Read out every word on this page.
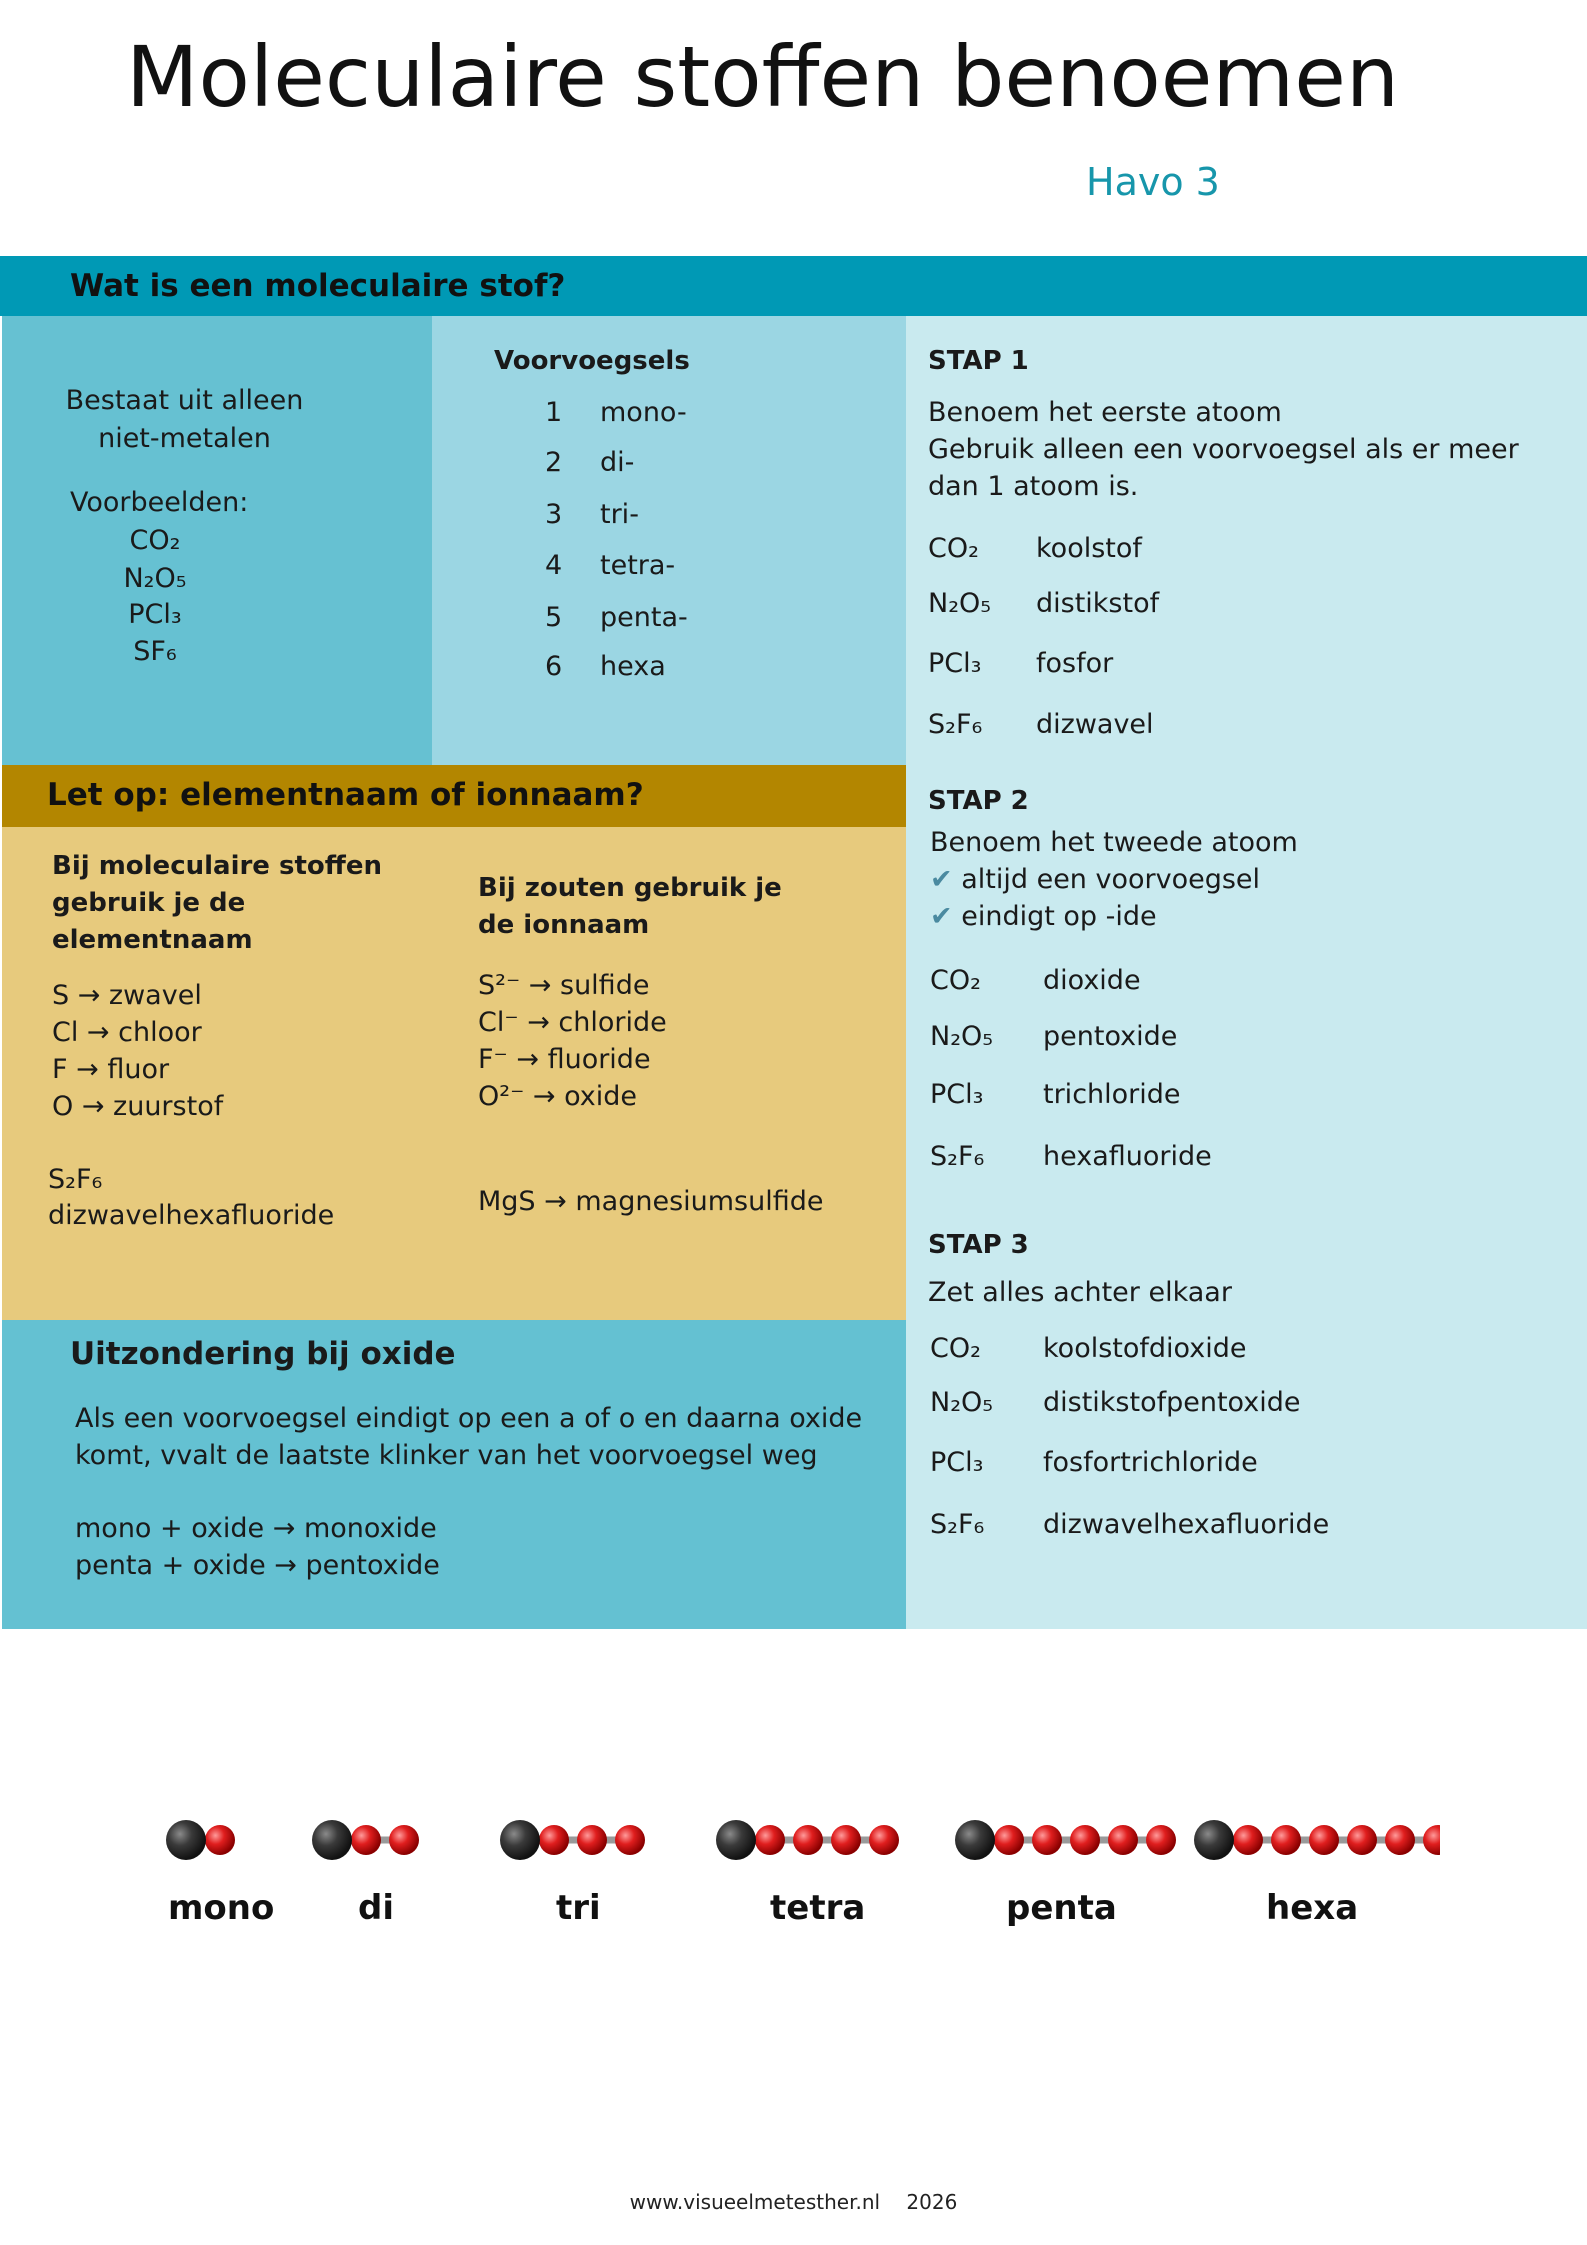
Moleculaire stoffen benoemen
Havo 3
Wat is een moleculaire stof?
Bestaat uit alleen
niet-metalen
Voorbeelden:
CO₂
N₂O₅
PCl₃
SF₆
Voorvoegsels
1 mono-
2 di-
3 tri-
4 tetra-
5 penta-
6 hexa
STAP 1
Benoem het eerste atoom
Gebruik alleen een voorvoegsel als er meer
dan 1 atoom is.
CO₂ koolstof
N₂O₅ distikstof
PCl₃ fosfor
S₂F₆ dizwavel
STAP 2
Benoem het tweede atoom
✔ altijd een voorvoegsel
✔ eindigt op -ide
CO₂ dioxide
N₂O₅ pentoxide
PCl₃ trichloride
S₂F₆ hexafluoride
STAP 3
Zet alles achter elkaar
CO₂ koolstofdioxide
N₂O₅ distikstofpentoxide
PCl₃ fosfortrichloride
S₂F₆ dizwavelhexafluoride
Let op: elementnaam of ionnaam?
Bij moleculaire stoffen
gebruik je de
elementnaam
S → zwavel
Cl → chloor
F → fluor
O → zuurstof
S₂F₆
dizwavelhexafluoride
Bij zouten gebruik je
de ionnaam
S²⁻ → sulfide
Cl⁻ → chloride
F⁻ → fluoride
O²⁻ → oxide
MgS → magnesiumsulfide
Uitzondering bij oxide
Als een voorvoegsel eindigt op een a of o en daarna oxide
komt, vvalt de laatste klinker van het voorvoegsel weg
mono + oxide → monoxide
penta + oxide → pentoxide
mono di	tri	tetra	penta	hexa
www.visueelmetesther.nl 2026
